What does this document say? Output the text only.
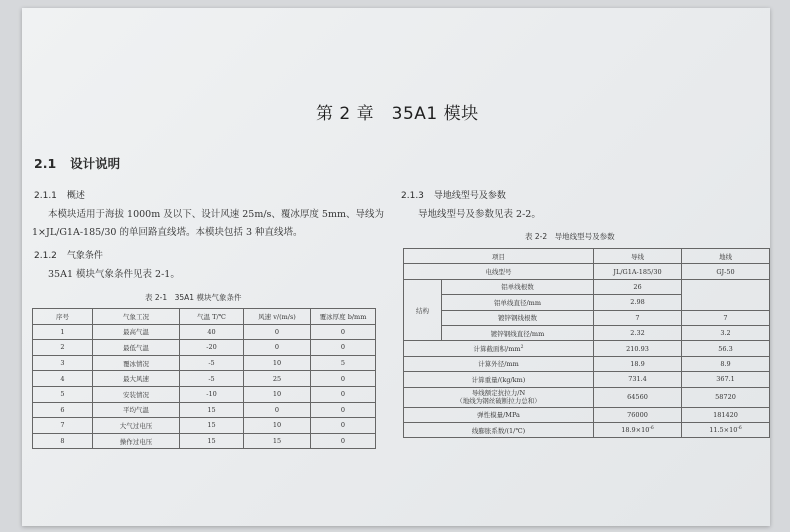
第 2 章　35A1 模块
2.1 设计说明
2.1.1 概述
本模块适用于海拔 1000m 及以下、设计风速 25m/s、覆冰厚度 5mm、导线为
1×JL/G1A-185/30 的单回路直线塔。本模块包括 3 种直线塔。
2.1.2 气象条件
35A1 模块气象条件见表 2-1。
表 2-1　35A1 模块气象条件
序号	气象工况	气温 T/℃	风速 v/(m/s)	覆冰厚度 b/mm
1	最高气温	40	0	0
2	最低气温	-20	0	0
3	覆冰情况	-5	10	5
4	最大风速	-5	25	0
5	安装情况	-10	10	0
6	平均气温	15	0	0
7	大气过电压	15	10	0
8	操作过电压	15	15	0
2.1.3 导地线型号及参数
导地线型号及参数见表 2-2。
表 2-2　导地线型号及参数
项目		导线	地线
电线型号		JL/G1A-185/30	GJ-50
结构	铝单线根数	26	
	铝单线直径/mm	2.98	
	镀锌钢线根数	7	7
	镀锌钢线直径/mm	2.32	3.2
计算截面积$/mm^2$		210.93	56.3
计算外径/mm		18.9	8.9
计算重量/(kg/km)		731.4	367.1
导线额定抗拉力/N
（地线为钢丝破断拉力总和）		64560	58720
弹性模量/MPa		76000	181420
线膨胀系数/(1/℃)		$18.9\times 10^{-6}$	$11.5\times 10^{-6}$
